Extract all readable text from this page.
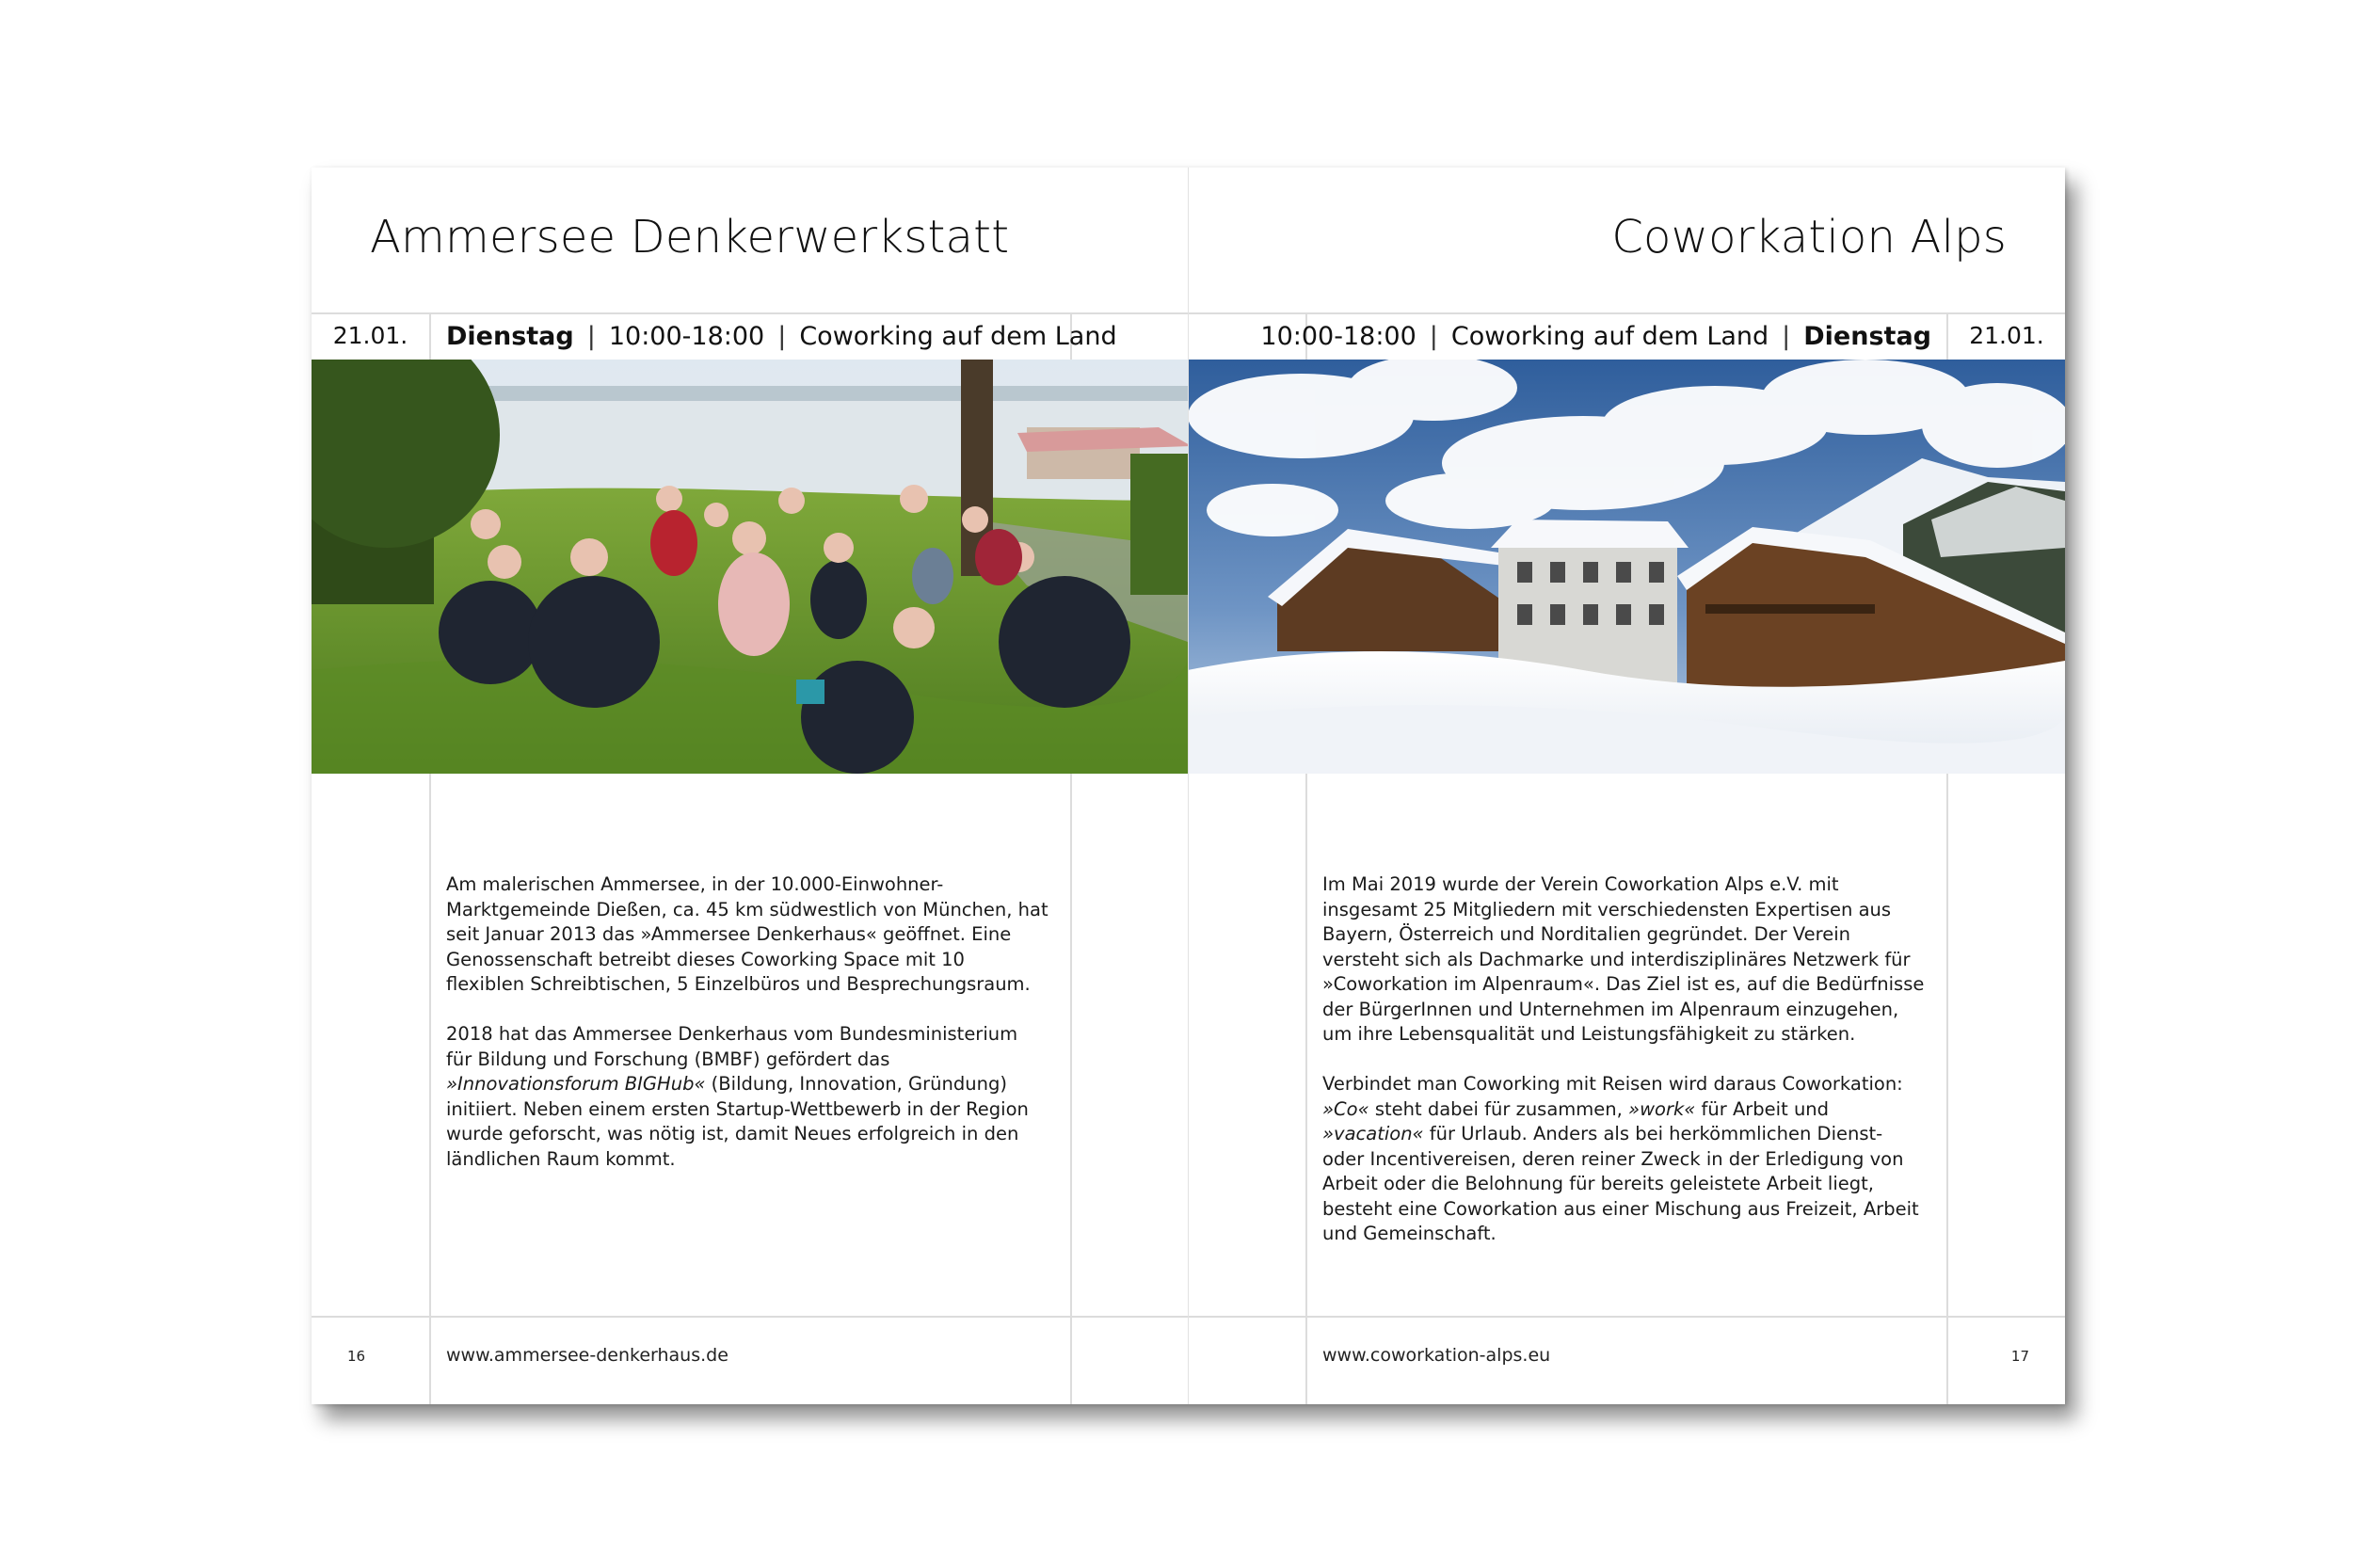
Ammersee Denkerwerkstatt
21.01.	Dienstag | 10:00-18:00 | Coworking auf dem Land

Am malerischen Ammersee, in der 10.000-Einwohner-Marktgemeinde Dießen, ca. 45 km südwestlich von München, hat seit Januar 2013 das »Ammersee Denkerhaus« geöffnet. Eine Genossenschaft betreibt dieses Coworking Space mit 10 flexiblen Schreibtischen, 5 Einzelbüros und Besprechungsraum.

2018 hat das Ammersee Denkerhaus vom Bundesministerium für Bildung und Forschung (BMBF) gefördert das »Innovationsforum BIGHub« (Bildung, Innovation, Gründung) initiiert. Neben einem ersten Startup-Wettbewerb in der Region wurde geforscht, was nötig ist, damit Neues erfolgreich in den ländlichen Raum kommt.

16	www.ammersee-denkerhaus.de
Coworkation Alps
10:00-18:00 | Coworking auf dem Land | Dienstag	21.01.

Im Mai 2019 wurde der Verein Coworkation Alps e.V. mit insgesamt 25 Mitgliedern mit verschiedensten Expertisen aus Bayern, Österreich und Norditalien gegründet. Der Verein versteht sich als Dachmarke und interdisziplinäres Netzwerk für »Coworkation im Alpenraum«. Das Ziel ist es, auf die Bedürfnisse der BürgerInnen und Unternehmen im Alpenraum einzugehen, um ihre Lebensqualität und Leistungsfähigkeit zu stärken.

Verbindet man Coworking mit Reisen wird daraus Coworkation: »Co« steht dabei für zusammen, »work« für Arbeit und »vacation« für Urlaub. Anders als bei herkömmlichen Dienst- oder Incentivereisen, deren reiner Zweck in der Erledigung von Arbeit oder die Belohnung für bereits geleistete Arbeit liegt, besteht eine Coworkation aus einer Mischung aus Freizeit, Arbeit und Gemeinschaft.

www.coworkation-alps.eu	17
